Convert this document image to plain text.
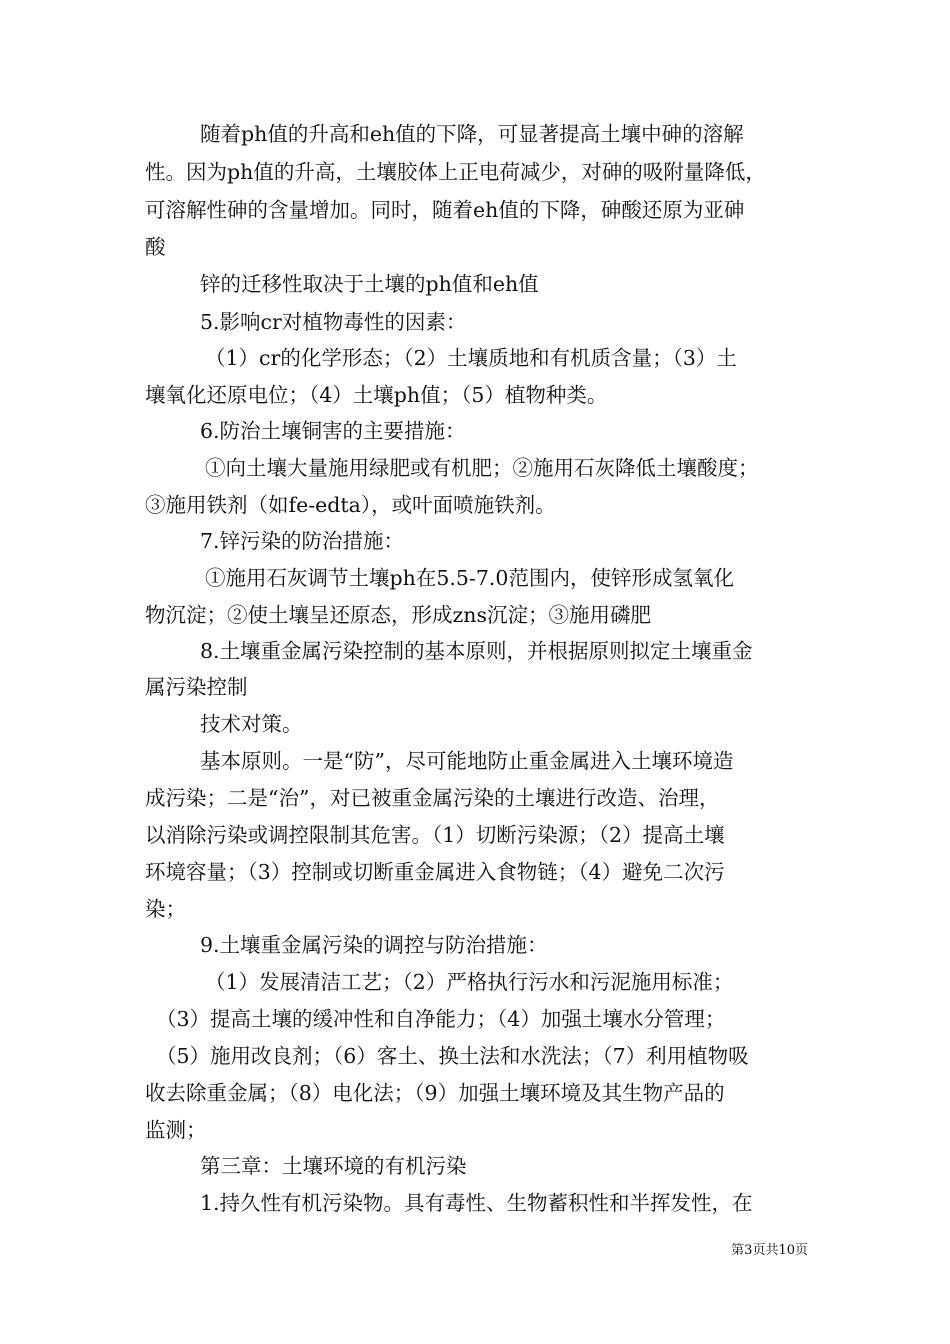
随着ph值的升高和eh值的下降，可显著提高土壤中砷的溶解
性。因为ph值的升高，土壤胶体上正电荷减少，对砷的吸附量降低，
可溶解性砷的含量增加。同时，随着eh值的下降，砷酸还原为亚砷
酸
锌的迁移性取决于土壤的ph值和eh值
5.影响cr对植物毒性的因素：
（1）cr的化学形态；（2）土壤质地和有机质含量；（3）土
壤氧化还原电位；（4）土壤ph值；（5）植物种类。
6.防治土壤铜害的主要措施：
①向土壤大量施用绿肥或有机肥；②施用石灰降低土壤酸度；
③施用铁剂（如fe-edta），或叶面喷施铁剂。
7.锌污染的防治措施：
①施用石灰调节土壤ph在5.5-7.0范围内，使锌形成氢氧化
物沉淀；②使土壤呈还原态，形成zns沉淀；③施用磷肥
8.土壤重金属污染控制的基本原则，并根据原则拟定土壤重金
属污染控制
技术对策。
基本原则。一是“防”，尽可能地防止重金属进入土壤环境造
成污染；二是“治”，对已被重金属污染的土壤进行改造、治理，
以消除污染或调控限制其危害。（1）切断污染源；（2）提高土壤
环境容量；（3）控制或切断重金属进入食物链；（4）避免二次污
染；
9.土壤重金属污染的调控与防治措施：
（1）发展清洁工艺；（2）严格执行污水和污泥施用标准；
（3）提高土壤的缓冲性和自净能力；（4）加强土壤水分管理；
（5）施用改良剂；（6）客土、换土法和水洗法；（7）利用植物吸
收去除重金属；（8）电化法；（9）加强土壤环境及其生物产品的
监测；
第三章：土壤环境的有机污染
1.持久性有机污染物。具有毒性、生物蓄积性和半挥发性，在
第3页共10页
